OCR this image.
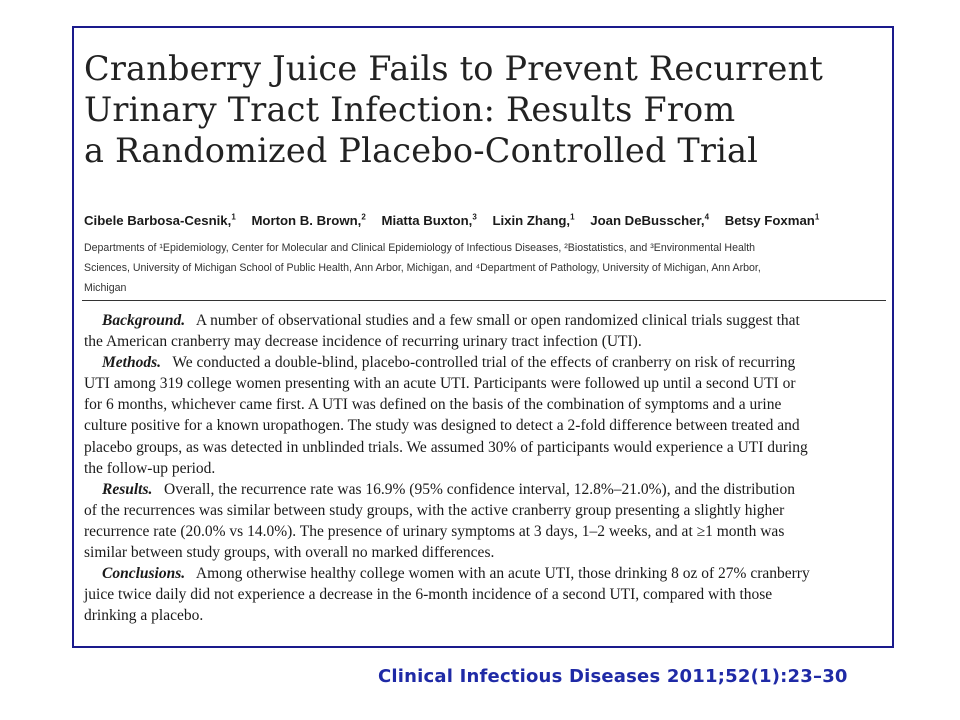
Cranberry Juice Fails to Prevent Recurrent
Urinary Tract Infection: Results From
a Randomized Placebo-Controlled Trial
Cibele Barbosa-Cesnik,$^1$ Morton B. Brown,$^2$ Miatta Buxton,$^3$ Lixin Zhang,$^1$ Joan DeBusscher,$^4$ Betsy Foxman$^1$
Departments of ¹Epidemiology, Center for Molecular and Clinical Epidemiology of Infectious Diseases, ²Biostatistics, and ³Environmental Health
Sciences, University of Michigan School of Public Health, Ann Arbor, Michigan, and ⁴Department of Pathology, University of Michigan, Ann Arbor,
Michigan
Background. A number of observational studies and a few small or open randomized clinical trials suggest that
the American cranberry may decrease incidence of recurring urinary tract infection (UTI).
Methods. We conducted a double-blind, placebo-controlled trial of the effects of cranberry on risk of recurring
UTI among 319 college women presenting with an acute UTI. Participants were followed up until a second UTI or
for 6 months, whichever came first. A UTI was defined on the basis of the combination of symptoms and a urine
culture positive for a known uropathogen. The study was designed to detect a 2-fold difference between treated and
placebo groups, as was detected in unblinded trials. We assumed 30% of participants would experience a UTI during
the follow-up period.
Results. Overall, the recurrence rate was 16.9% (95% confidence interval, 12.8%–21.0%), and the distribution
of the recurrences was similar between study groups, with the active cranberry group presenting a slightly higher
recurrence rate (20.0% vs 14.0%). The presence of urinary symptoms at 3 days, 1–2 weeks, and at ≥1 month was
similar between study groups, with overall no marked differences.
Conclusions. Among otherwise healthy college women with an acute UTI, those drinking 8 oz of 27% cranberry
juice twice daily did not experience a decrease in the 6-month incidence of a second UTI, compared with those
drinking a placebo.
Clinical Infectious Diseases 2011;52(1):23–30
